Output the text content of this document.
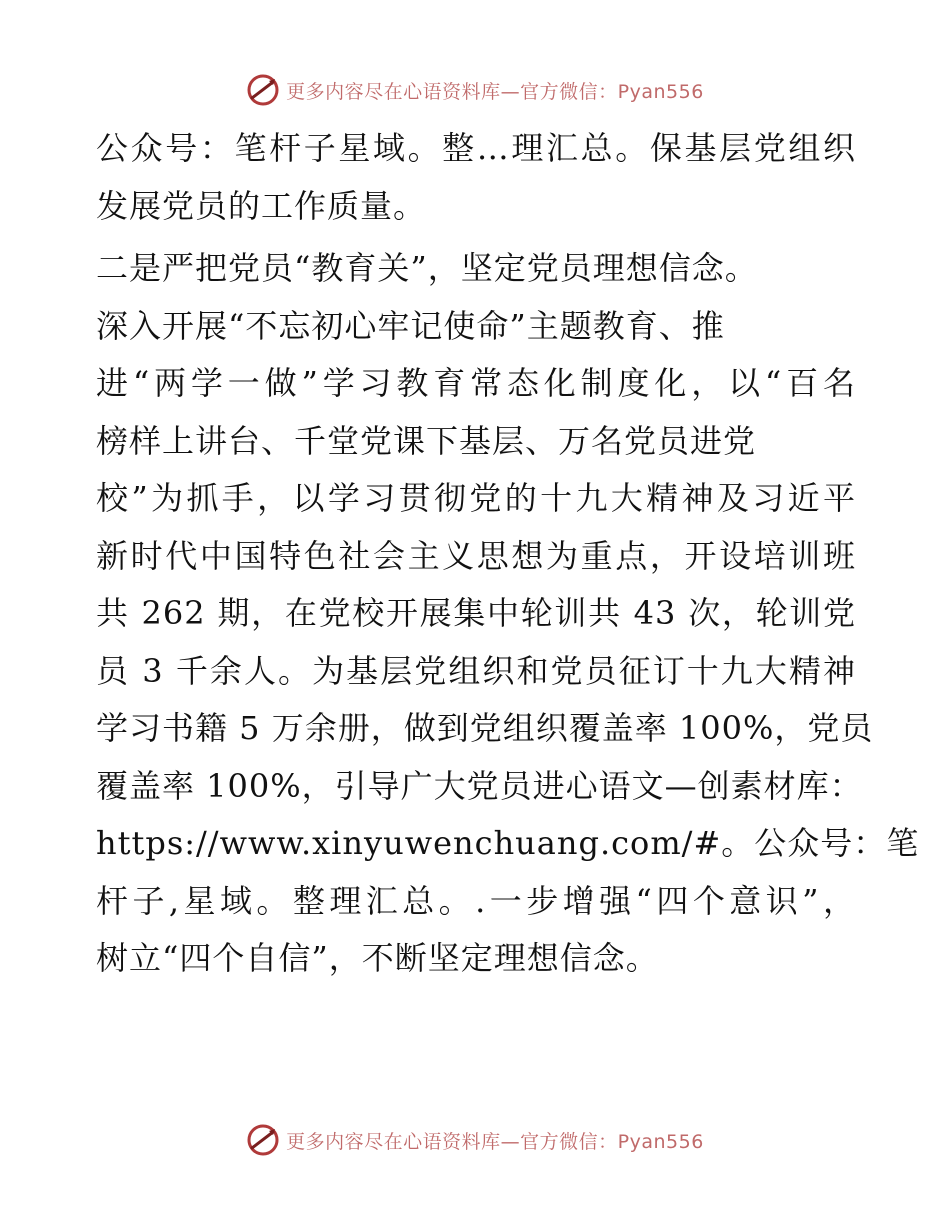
更多内容尽在心语资料库—官方微信：Pyan556
公众号：笔杆子星域。整…理汇总。保基层党组织
发展党员的工作质量。
二是严把党员“教育关”，坚定党员理想信念。
深入开展“不忘初心牢记使命”主题教育、推
进“两学一做”学习教育常态化制度化，以“百名
榜样上讲台、千堂党课下基层、万名党员进党
校”为抓手，以学习贯彻党的十九大精神及习近平
新时代中国特色社会主义思想为重点，开设培训班
共 262 期，在党校开展集中轮训共 43 次，轮训党
员 3 千余人。为基层党组织和党员征订十九大精神
学习书籍 5 万余册，做到党组织覆盖率 100%，党员
覆盖率 100%，引导广大党员进心语文—创素材库：
https://www.xinyuwenchuang.com/#。公众号：笔
杆子,星域。整理汇总。.一步增强“四个意识”，
树立“四个自信”，不断坚定理想信念。
更多内容尽在心语资料库—官方微信：Pyan556
